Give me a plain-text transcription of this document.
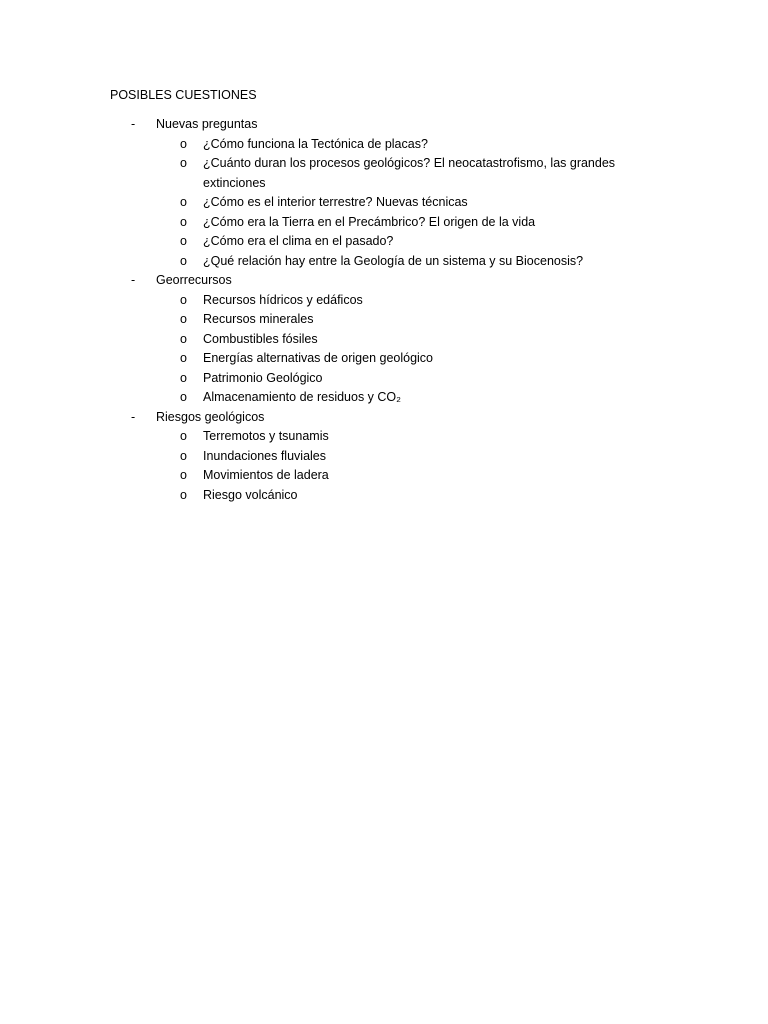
POSIBLES CUESTIONES
-	Nuevas preguntas
o ¿Cómo funciona la Tectónica de placas?
o ¿Cuánto duran los procesos geológicos? El neocatastrofismo, las grandes extinciones
o ¿Cómo es el interior terrestre? Nuevas técnicas
o ¿Cómo era la Tierra en el Precámbrico? El origen de la vida
o ¿Cómo era el clima en el pasado?
o ¿Qué relación hay entre la Geología de un sistema y su Biocenosis?
-	Georrecursos
o Recursos hídricos y edáficos
o Recursos minerales
o Combustibles fósiles
o Energías alternativas de origen geológico
o Patrimonio Geológico
o Almacenamiento de residuos y CO₂
-	Riesgos geológicos
o Terremotos y tsunamis
o Inundaciones fluviales
o Movimientos de ladera
o Riesgo volcánico
